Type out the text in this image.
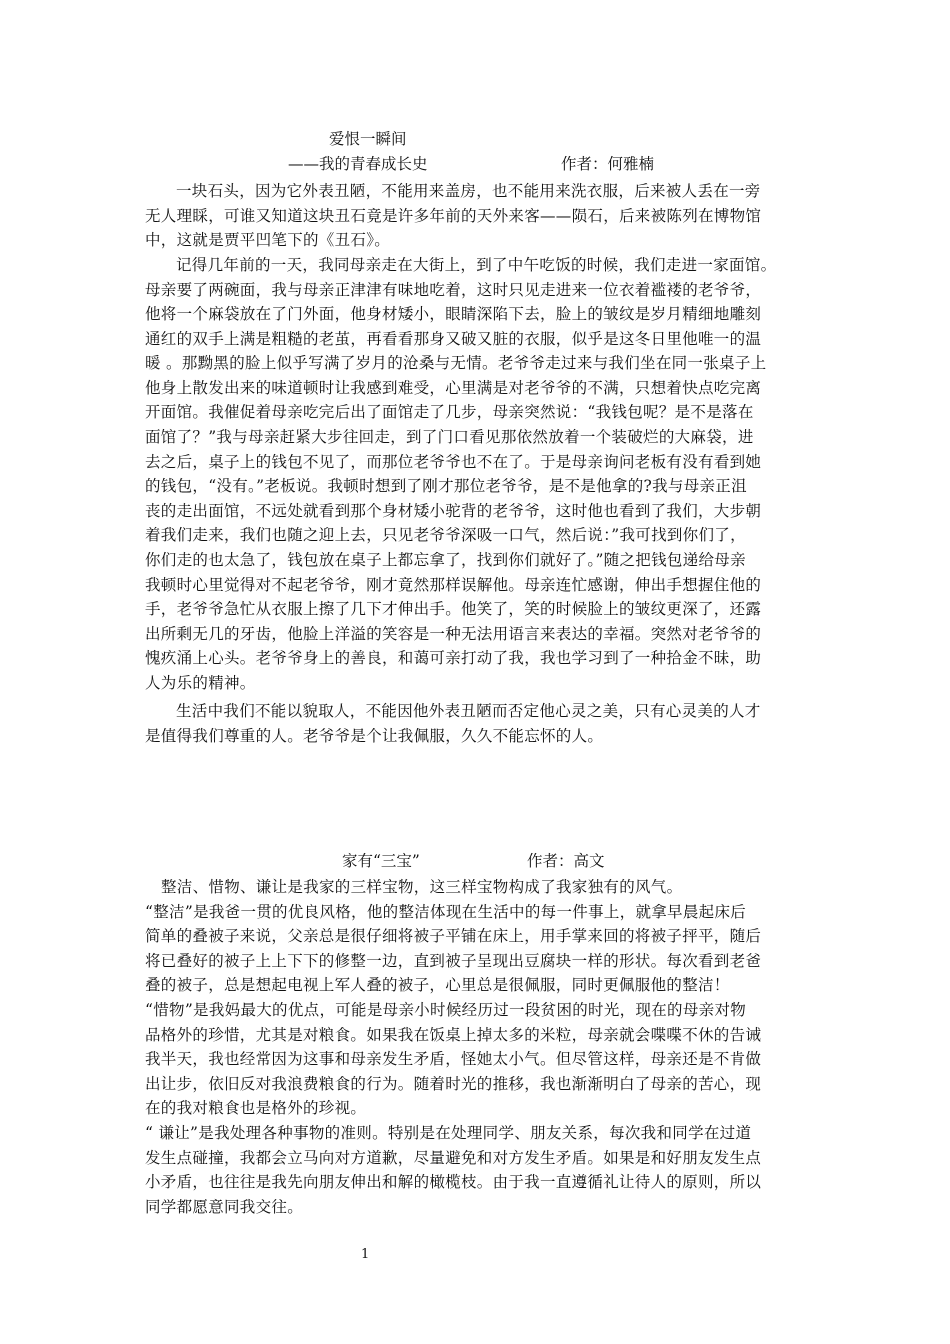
爱恨一瞬间
——我的青春成长史	作者：何雅楠
一块石头，因为它外表丑陋，不能用来盖房，也不能用来洗衣服，后来被人丢在一旁
无人理睬，可谁又知道这块丑石竟是许多年前的天外来客——陨石，后来被陈列在博物馆
中，这就是贾平凹笔下的《丑石》。
记得几年前的一天，我同母亲走在大街上，到了中午吃饭的时候，我们走进一家面馆。
母亲要了两碗面，我与母亲正津津有味地吃着，这时只见走进来一位衣着褴褛的老爷爷，
他将一个麻袋放在了门外面，他身材矮小，眼睛深陷下去，脸上的皱纹是岁月精细地雕刻
通红的双手上满是粗糙的老茧，再看看那身又破又脏的衣服，似乎是这冬日里他唯一的温
暖 。那黝黑的脸上似乎写满了岁月的沧桑与无情。老爷爷走过来与我们坐在同一张桌子上
他身上散发出来的味道顿时让我感到难受，心里满是对老爷爷的不满，只想着快点吃完离
开面馆。我催促着母亲吃完后出了面馆走了几步，母亲突然说：“我钱包呢？是不是落在
面馆了？”我与母亲赶紧大步往回走，到了门口看见那依然放着一个装破烂的大麻袋，进
去之后，桌子上的钱包不见了，而那位老爷爷也不在了。于是母亲询问老板有没有看到她
的钱包，“没有。”老板说。我顿时想到了刚才那位老爷爷，是不是他拿的?我与母亲正沮
丧的走出面馆，不远处就看到那个身材矮小驼背的老爷爷，这时他也看到了我们，大步朝
着我们走来，我们也随之迎上去，只见老爷爷深吸一口气，然后说：”我可找到你们了，
你们走的也太急了，钱包放在桌子上都忘拿了，找到你们就好了。”随之把钱包递给母亲
我顿时心里觉得对不起老爷爷，刚才竟然那样误解他。母亲连忙感谢，伸出手想握住他的
手，老爷爷急忙从衣服上擦了几下才伸出手。他笑了，笑的时候脸上的皱纹更深了，还露
出所剩无几的牙齿，他脸上洋溢的笑容是一种无法用语言来表达的幸福。突然对老爷爷的
愧疚涌上心头。老爷爷身上的善良，和蔼可亲打动了我，我也学习到了一种拾金不昧，助
人为乐的精神。
生活中我们不能以貌取人，不能因他外表丑陋而否定他心灵之美，只有心灵美的人才
是值得我们尊重的人。老爷爷是个让我佩服，久久不能忘怀的人。
家有“三宝”	作者：高文
整洁、惜物、谦让是我家的三样宝物，这三样宝物构成了我家独有的风气。
“整洁”是我爸一贯的优良风格，他的整洁体现在生活中的每一件事上，就拿早晨起床后
简单的叠被子来说，父亲总是很仔细将被子平铺在床上，用手掌来回的将被子抨平，随后
将已叠好的被子上上下下的修整一边，直到被子呈现出豆腐块一样的形状。每次看到老爸
叠的被子，总是想起电视上军人叠的被子，心里总是很佩服，同时更佩服他的整洁！
“惜物”是我妈最大的优点，可能是母亲小时候经历过一段贫困的时光，现在的母亲对物
品格外的珍惜，尤其是对粮食。如果我在饭桌上掉太多的米粒，母亲就会喋喋不休的告诫
我半天，我也经常因为这事和母亲发生矛盾，怪她太小气。但尽管这样，母亲还是不肯做
出让步，依旧反对我浪费粮食的行为。随着时光的推移，我也渐渐明白了母亲的苦心，现
在的我对粮食也是格外的珍视。
“ 谦让”是我处理各种事物的准则。特别是在处理同学、朋友关系，每次我和同学在过道
发生点碰撞，我都会立马向对方道歉，尽量避免和对方发生矛盾。如果是和好朋友发生点
小矛盾，也往往是我先向朋友伸出和解的橄榄枝。由于我一直遵循礼让待人的原则，所以
同学都愿意同我交往。
1
